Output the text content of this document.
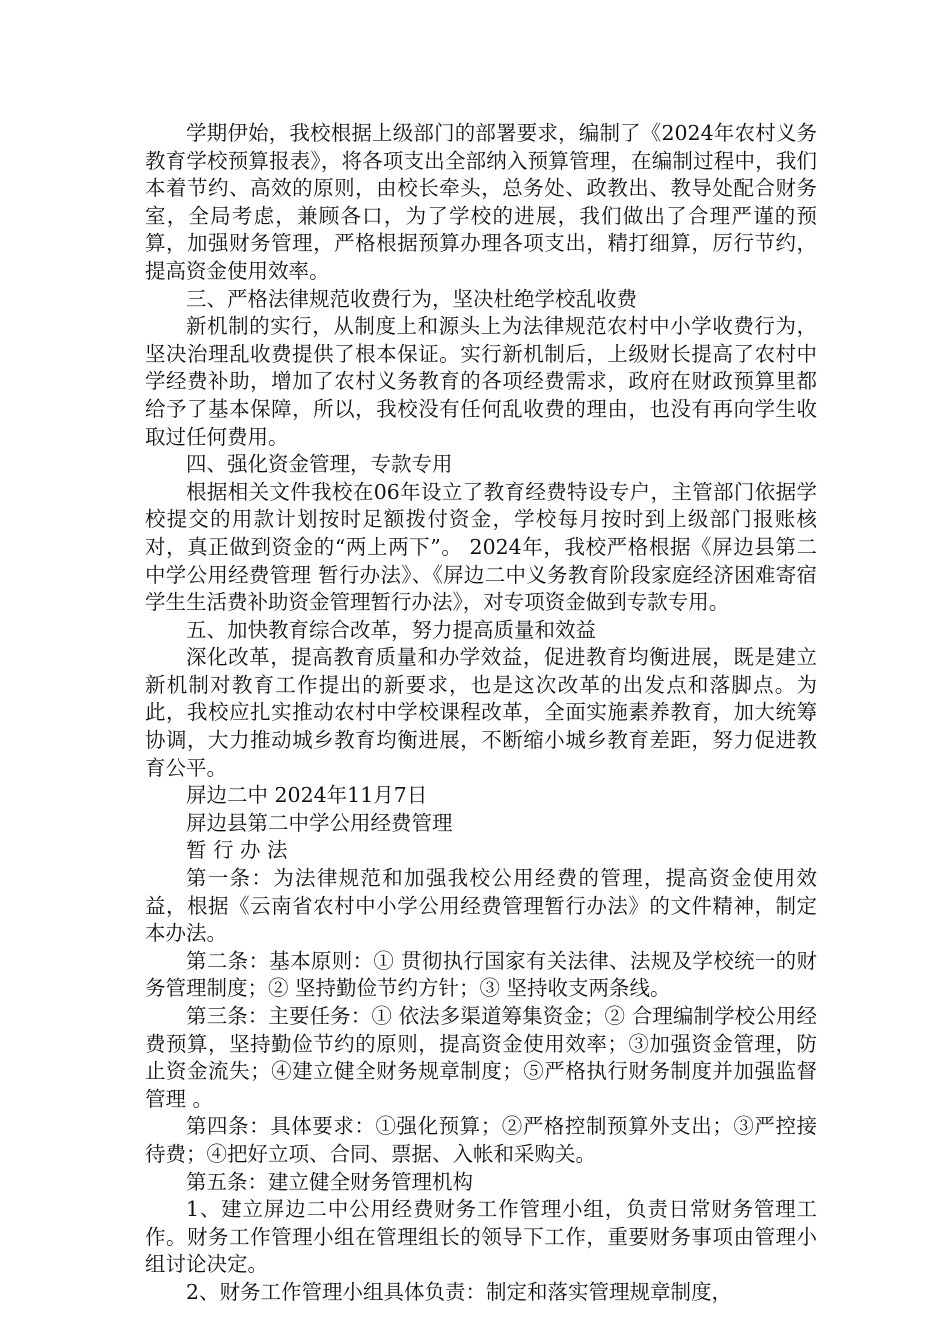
学期伊始，我校根据上级部门的部署要求，编制了《2024年农村义务教育学校预算报表》，将各项支出全部纳入预算管理，在编制过程中，我们本着节约、高效的原则，由校长牵头，总务处、政教出、教导处配合财务室，全局考虑，兼顾各口，为了学校的进展，我们做出了合理严谨的预算，加强财务管理，严格根据预算办理各项支出，精打细算，厉行节约，提高资金使用效率。

三、严格法律规范收费行为，坚决杜绝学校乱收费

新机制的实行，从制度上和源头上为法律规范农村中小学收费行为，坚决治理乱收费提供了根本保证。实行新机制后，上级财长提高了农村中学经费补助，增加了农村义务教育的各项经费需求，政府在财政预算里都给予了基本保障，所以，我校没有任何乱收费的理由，也没有再向学生收取过任何费用。

四、强化资金管理，专款专用

根据相关文件我校在06年设立了教育经费特设专户，主管部门依据学校提交的用款计划按时足额拨付资金，学校每月按时到上级部门报账核对，真正做到资金的“两上两下”。 2024年，我校严格根据《屏边县第二中学公用经费管理 暂行办法》、《屏边二中义务教育阶段家庭经济困难寄宿学生生活费补助资金管理暂行办法》，对专项资金做到专款专用。

五、加快教育综合改革，努力提高质量和效益

深化改革，提高教育质量和办学效益，促进教育均衡进展，既是建立新机制对教育工作提出的新要求，也是这次改革的出发点和落脚点。为此，我校应扎实推动农村中学校课程改革，全面实施素养教育，加大统筹协调，大力推动城乡教育均衡进展，不断缩小城乡教育差距，努力促进教育公平。

屏边二中 2024年11月7日

屏边县第二中学公用经费管理

暂 行 办 法

第一条：为法律规范和加强我校公用经费的管理，提高资金使用效益，根据《云南省农村中小学公用经费管理暂行办法》的文件精神，制定本办法。

第二条：基本原则：① 贯彻执行国家有关法律、法规及学校统一的财务管理制度；② 坚持勤俭节约方针；③ 坚持收支两条线。

第三条：主要任务：① 依法多渠道筹集资金；② 合理编制学校公用经费预算，坚持勤俭节约的原则，提高资金使用效率；③加强资金管理，防止资金流失；④建立健全财务规章制度；⑤严格执行财务制度并加强监督管理 。

第四条：具体要求：①强化预算；②严格控制预算外支出；③严控接待费；④把好立项、合同、票据、入帐和采购关。

第五条：建立健全财务管理机构

1、建立屏边二中公用经费财务工作管理小组，负责日常财务管理工作。财务工作管理小组在管理组长的领导下工作，重要财务事项由管理小组讨论决定。

2、财务工作管理小组具体负责：制定和落实管理规章制度，
